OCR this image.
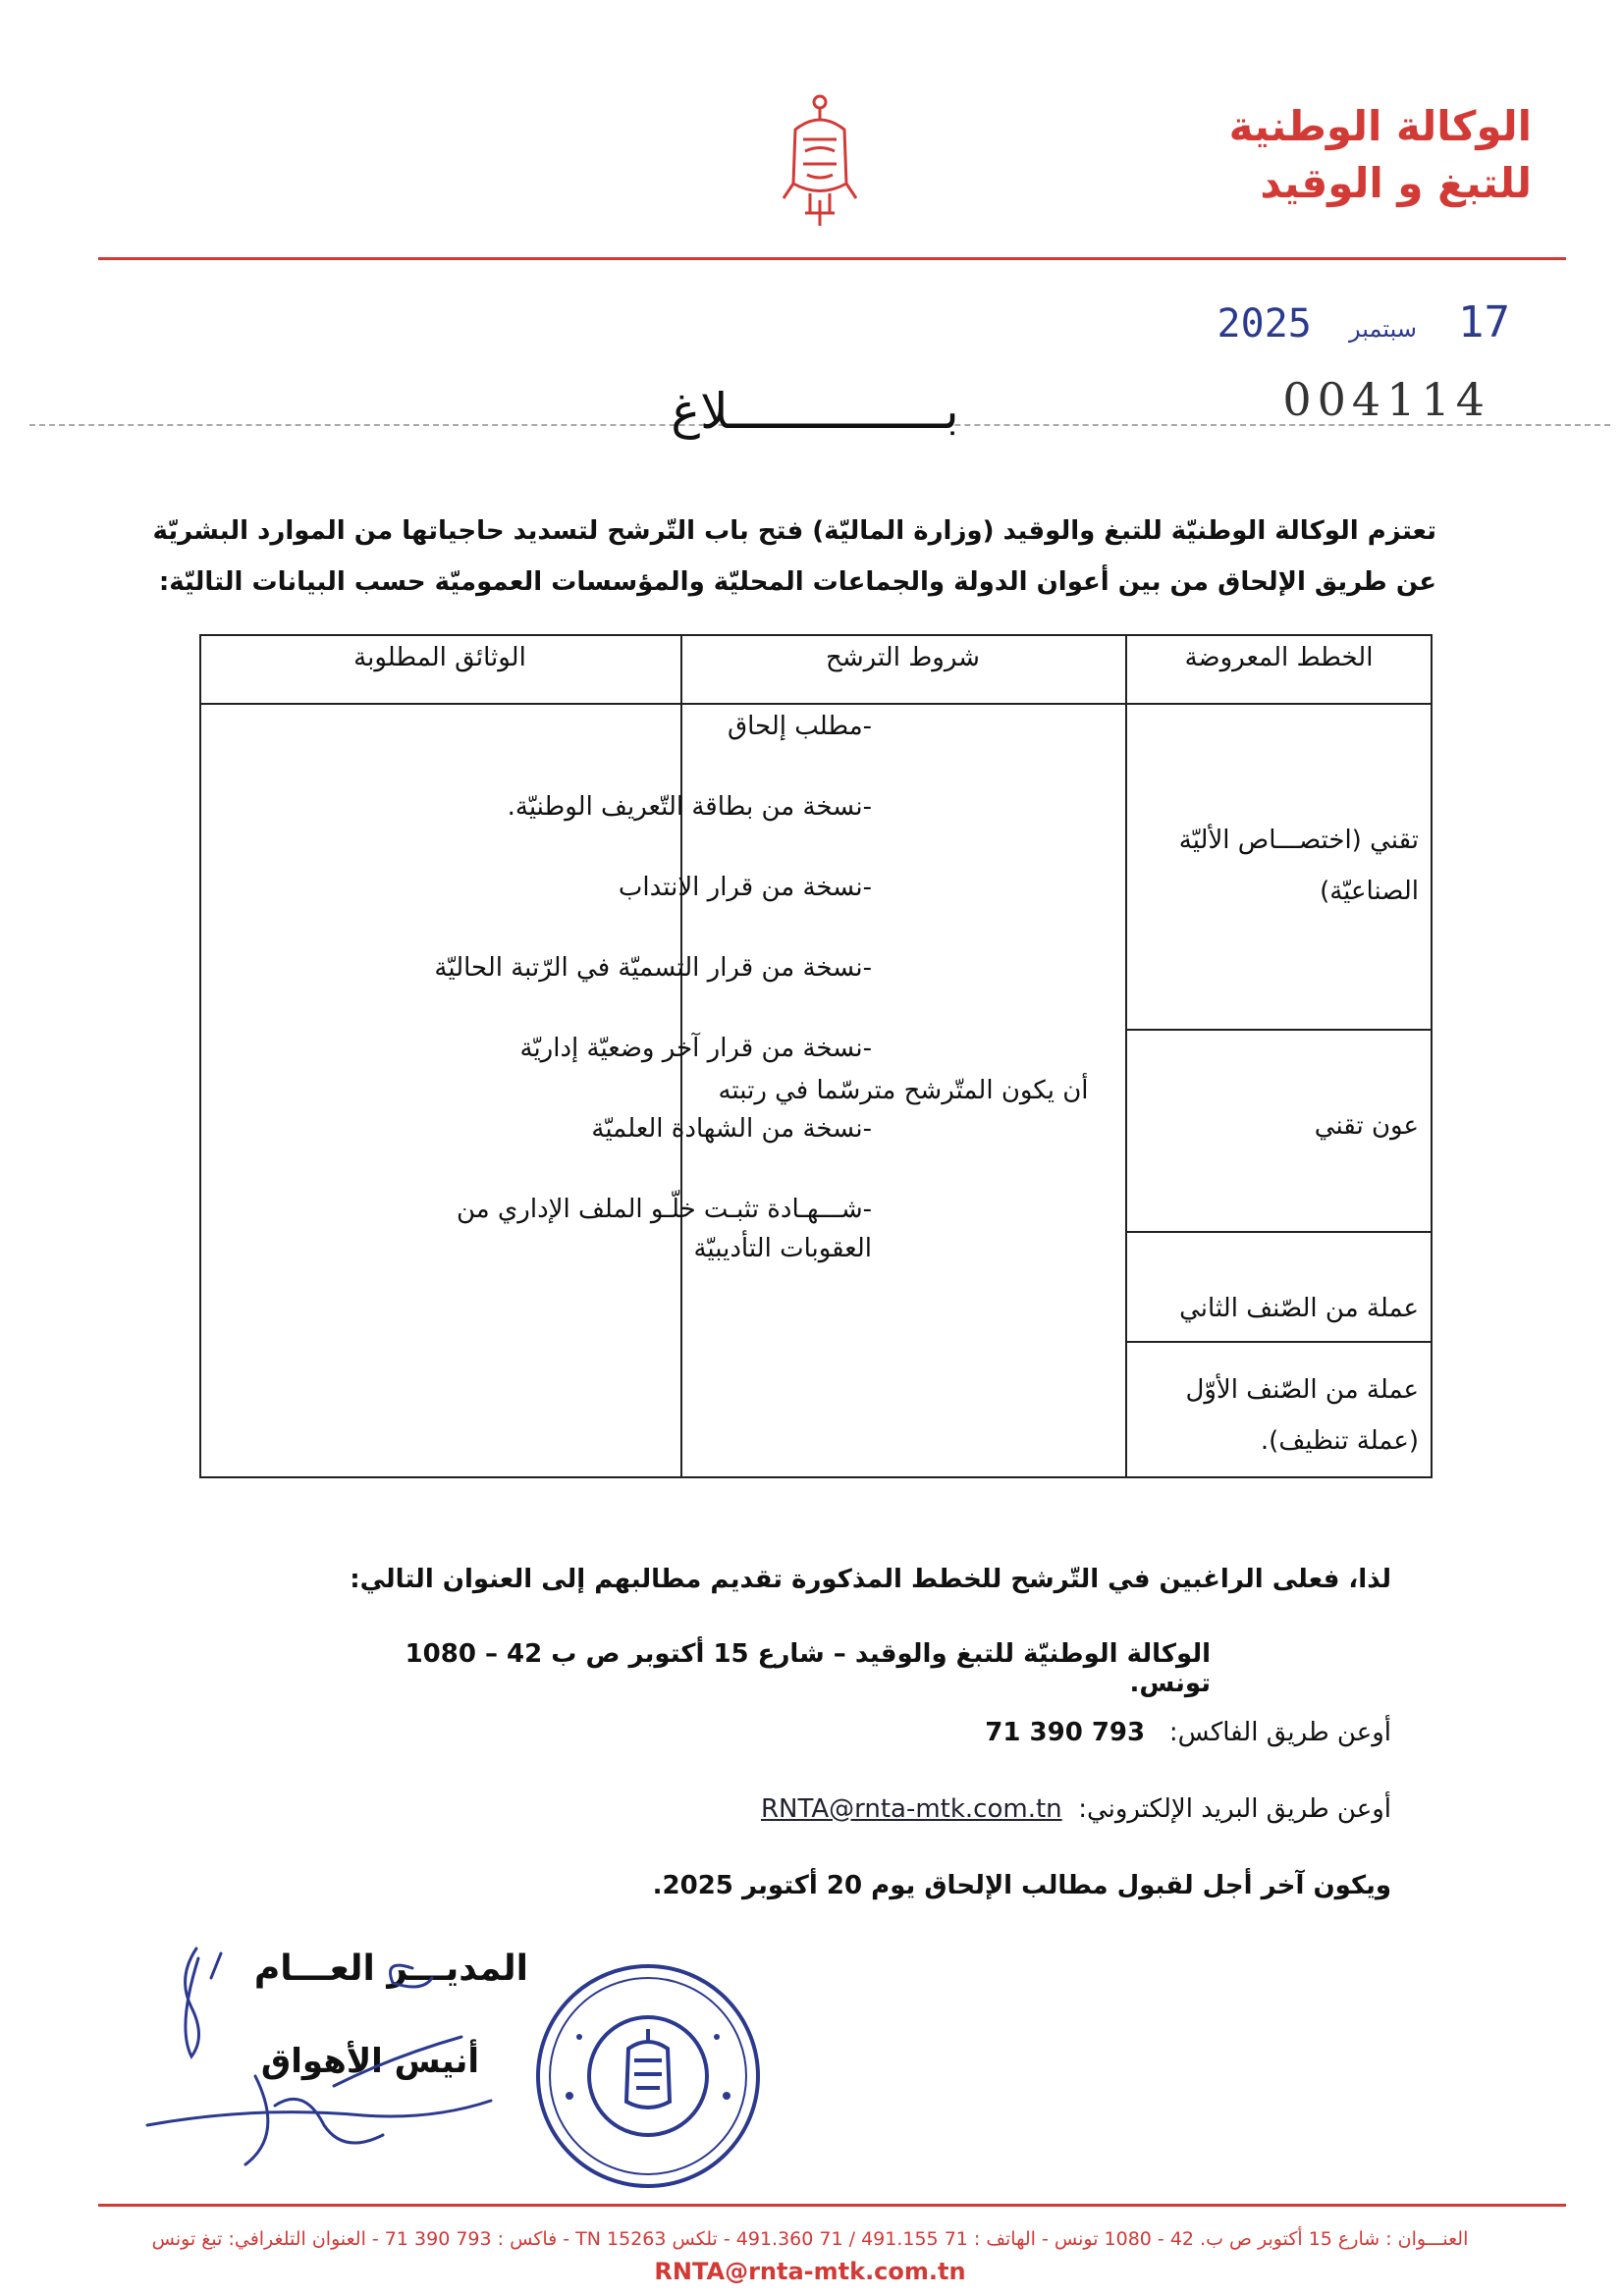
الوكالة الوطنية
للتبغ و الوقيد
17 سبتمبر 2025
004114
بـــــــــــــــلاغ
تعتزم الوكالة الوطنيّة للتبغ والوقيد (وزارة الماليّة) فتح باب التّرشح لتسديد حاجياتها من الموارد البشريّة
عن طريق الإلحاق من بين أعوان الدولة والجماعات المحليّة والمؤسسات العموميّة حسب البيانات التاليّة:
الخطط المعروضة
شروط الترشح
الوثائق المطلوبة
تقني (اختصـــاص الأليّة الصناعيّة)
عون تقني
عملة من الصّنف الثاني
عملة من الصّنف الأوّل (عملة تنظيف).
أن يكون المتّرشح مترسّما في رتبته
-مطلب إلحاق
-نسخة من بطاقة التّعريف الوطنيّة.
-نسخة من قرار الانتداب
-نسخة من قرار التسميّة في الرّتبة الحاليّة
-نسخة من قرار آخر وضعيّة إداريّة
-نسخة من الشهادة العلميّة
-شـــهـادة تثبـت خلّـو الملف الإداري من
العقوبات التأديبيّة
لذا، فعلى الراغبين في التّرشح للخطط المذكورة تقديم مطالبهم إلى العنوان التالي:
الوكالة الوطنيّة للتبغ والوقيد – شارع 15 أكتوبر ص ب 42 – 1080 تونس.
أوعن طريق الفاكس:   71 390 793
أوعن طريق البريد الإلكتروني:  RNTA@rnta-mtk.com.tn
ويكون آخر أجل لقبول مطالب الإلحاق يوم 20 أكتوبر 2025.
المديـــر العـــام
أنيس الأهواق
العنـــوان : شارع 15 أكتوبر ص ب. 42 - 1080 تونس - الهاتف : 71 491.155 / 71 491.360 - تلكس TN 15263 - فاكس : 793 390 71 - العنوان التلغرافي: تبغ تونس
RNTA@rnta-mtk.com.tn
